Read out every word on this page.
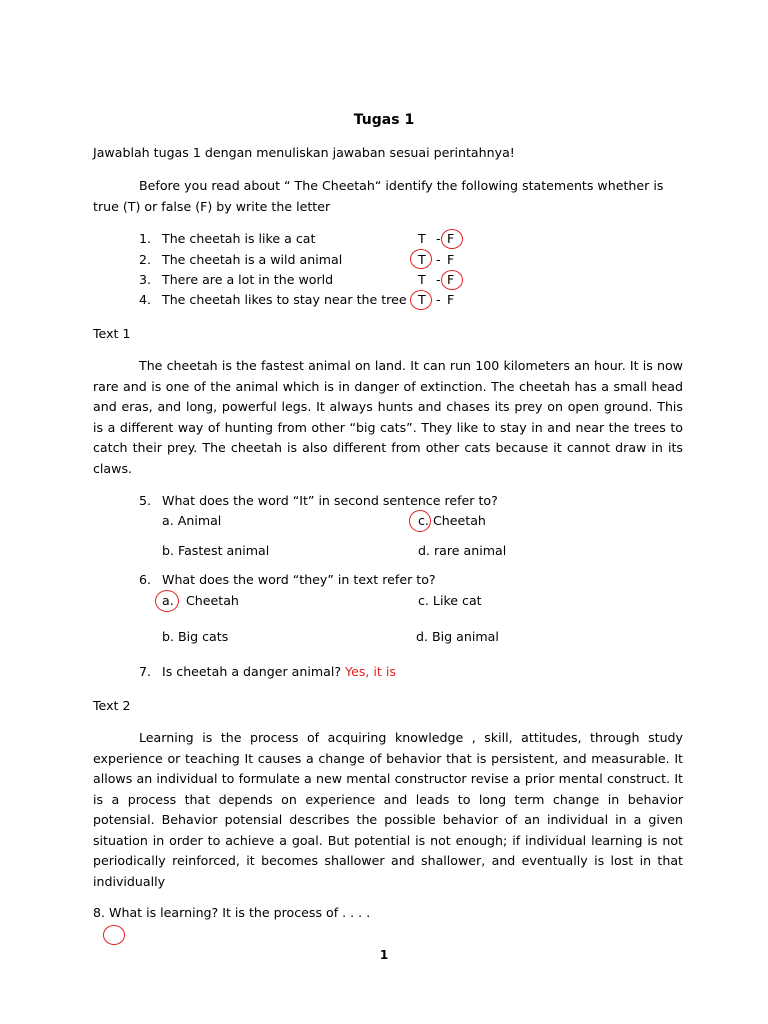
Tugas 1
Jawablah tugas 1 dengan menuliskan jawaban sesuai perintahnya!
Before you read about “ The Cheetah“ identify the following statements whether is
true (T) or false (F) by write the letter
1. The cheetah is like a cat	T - F
2. The cheetah is a wild animal	T - F
3. There are a lot in the world	T - F
4. The cheetah likes to stay near the tree T - F
Text 1

The cheetah is the fastest animal on land. It can run 100 kilometers an hour. It is now rare and is one of the animal which is in danger of extinction. The cheetah has a small head and eras, and long, powerful legs. It always hunts and chases its prey on open ground. This is a different way of hunting from other “big cats”. They like to stay in and near the trees to catch their prey. The cheetah is also different from other cats because it cannot draw in its claws.

5. What does the word “It” in second sentence refer to?
a. Animal	c. Cheetah
b. Fastest animal	d. rare animal
6. What does the word “they” in text refer to?
a. Cheetah	c. Like cat
b. Big cats	d. Big animal
7. Is cheetah a danger animal? Yes, it is
Text 2

Learning is the process of acquiring knowledge , skill, attitudes, through study experience or teaching It causes a change of behavior that is persistent, and measurable. It allows an individual to formulate a new mental constructor revise a prior mental construct. It is a process that depends on experience and leads to long term change in behavior potensial. Behavior potensial describes the possible behavior of an individual in a given situation in order to achieve a goal. But potential is not enough; if individual learning is not periodically reinforced, it becomes shallower and shallower, and eventually is lost in that individually

8. What is learning? It is the process of . . . .
1
